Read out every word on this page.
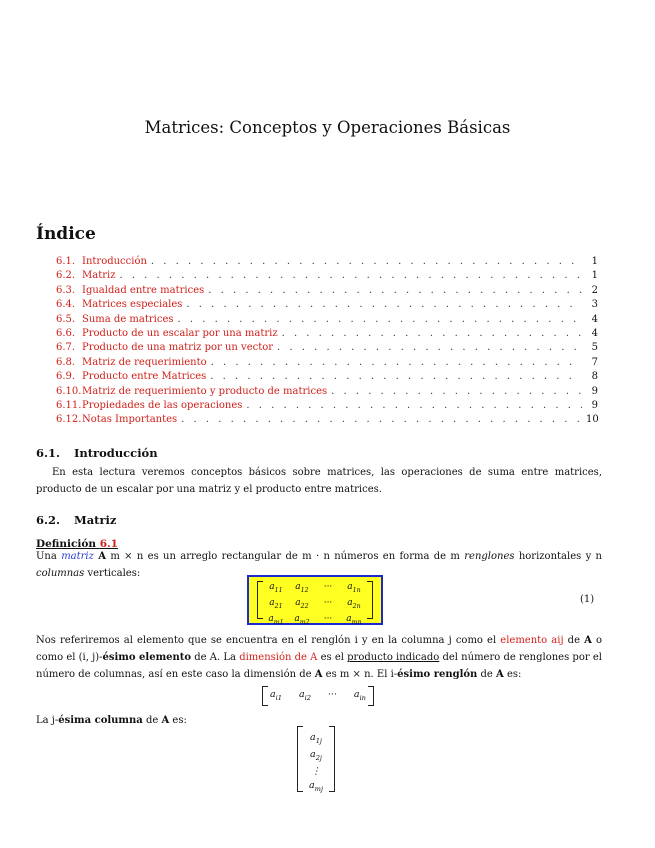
Matrices: Conceptos y Operaciones Básicas
Índice
6.1. Introducción . . .	1
6.2. Matriz . . .	1
6.3. Igualdad entre matrices . . .	2
6.4. Matrices especiales . . .	3
6.5. Suma de matrices . . .	4
6.6. Producto de un escalar por una matriz . . .	4
6.7. Producto de una matriz por un vector . . .	5
6.8. Matriz de requerimiento . . .	7
6.9. Producto entre Matrices . . .	8
6.10. Matriz de requerimiento y producto de matrices . . .	9
6.11. Propiedades de las operaciones . . .	9
6.12. Notas Importantes . . .	10
6.1. Introducción
En esta lectura veremos conceptos básicos sobre matrices, las operaciones de suma entre matrices, producto de un escalar por una matriz y el producto entre matrices.
6.2. Matriz
Definición 6.1
Una matriz A m × n es un arreglo rectangular de m · n números en forma de m renglones horizontales y n columnas verticales:
$a_{11}$	$a_{12}$	···	$a_{1n}$
$a_{21}$	$a_{22}$	···	$a_{2n}$
$a_{m1}$	$a_{m2}$	···	$a_{mn}$
(1)
Nos referiremos al elemento que se encuentra en el renglón i y en la columna j como el elemento aij de A o como el (i, j)-ésimo elemento de A. La dimensión de A es el producto indicado del número de renglones por el número de columnas, así en este caso la dimensión de A es m × n. El i-ésimo renglón de A es:
$a_{i1}$ $a_{i2}$ ··· $a_{in}$
La j-ésima columna de A es:
$a_{1j}$
$a_{2j}$
⋮
$a_{mj}$
